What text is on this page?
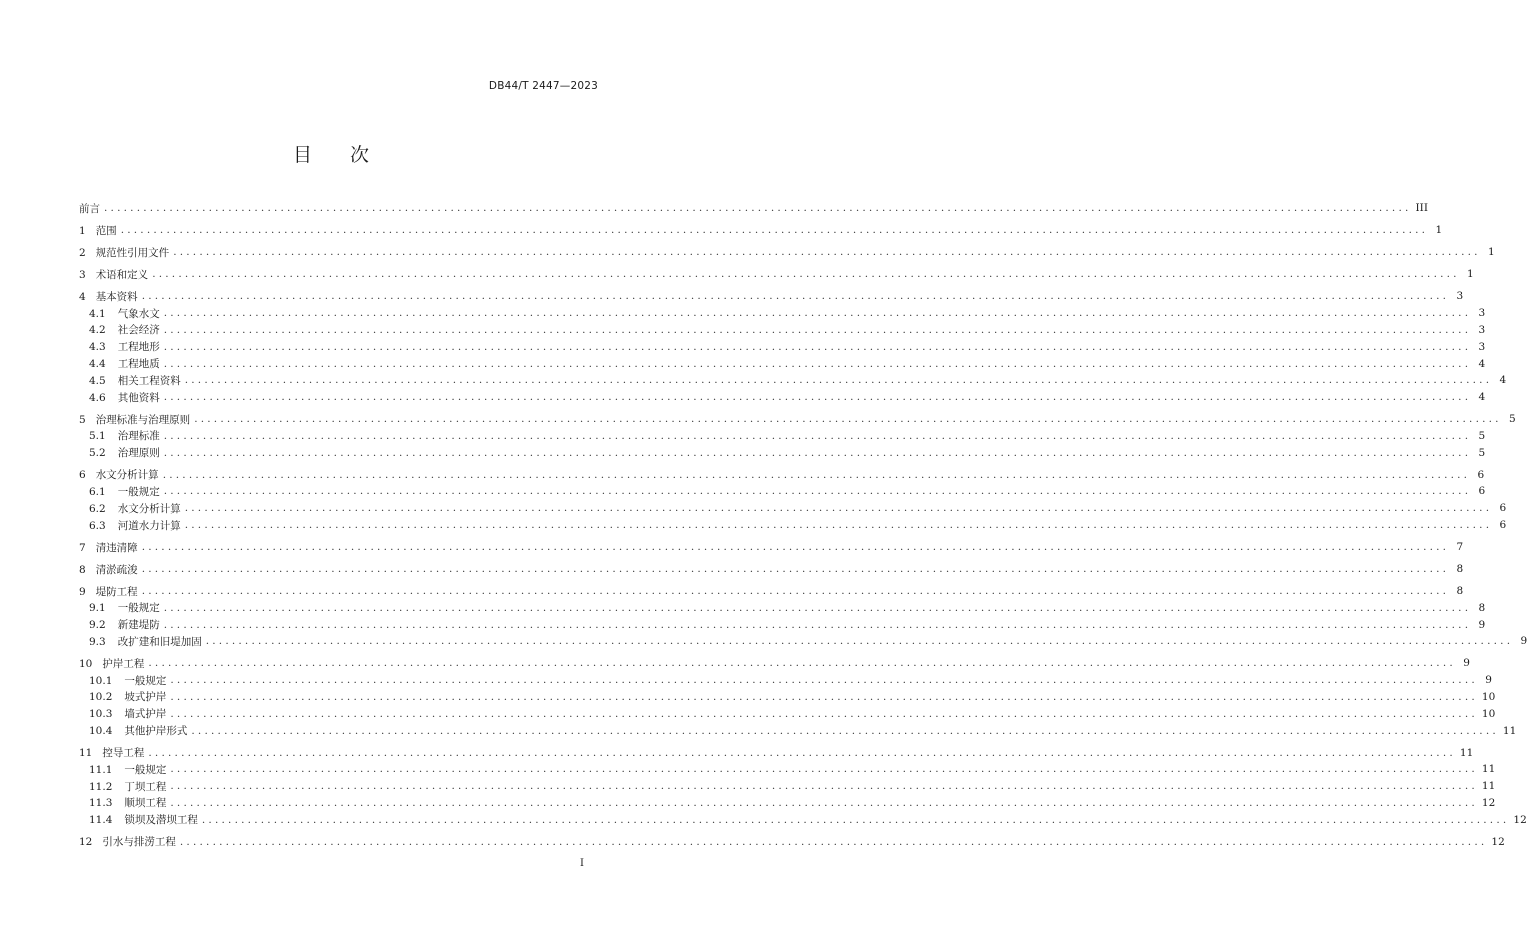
DB44/T 2447—2023
目 次
前言 ........................................................................................................................................................................................................ III
1 范围 ........................................................................................................................................................................................................ 1
2 规范性引用文件 ........................................................................................................................................................................................................ 1
3 术语和定义 ........................................................................................................................................................................................................ 1
4 基本资料 ........................................................................................................................................................................................................ 3
4.1 气象水文 ........................................................................................................................................................................................................ 3
4.2 社会经济 ........................................................................................................................................................................................................ 3
4.3 工程地形 ........................................................................................................................................................................................................ 3
4.4 工程地质 ........................................................................................................................................................................................................ 4
4.5 相关工程资料 ........................................................................................................................................................................................................ 4
4.6 其他资料 ........................................................................................................................................................................................................ 4
5 治理标准与治理原则 ........................................................................................................................................................................................................ 5
5.1 治理标准 ........................................................................................................................................................................................................ 5
5.2 治理原则 ........................................................................................................................................................................................................ 5
6 水文分析计算 ........................................................................................................................................................................................................ 6
6.1 一般规定 ........................................................................................................................................................................................................ 6
6.2 水文分析计算 ........................................................................................................................................................................................................ 6
6.3 河道水力计算 ........................................................................................................................................................................................................ 6
7 清违清障 ........................................................................................................................................................................................................ 7
8 清淤疏浚 ........................................................................................................................................................................................................ 8
9 堤防工程 ........................................................................................................................................................................................................ 8
9.1 一般规定 ........................................................................................................................................................................................................ 8
9.2 新建堤防 ........................................................................................................................................................................................................ 9
9.3 改扩建和旧堤加固 ........................................................................................................................................................................................................ 9
10 护岸工程 ........................................................................................................................................................................................................ 9
10.1 一般规定 ........................................................................................................................................................................................................ 9
10.2 坡式护岸 ........................................................................................................................................................................................................ 10
10.3 墙式护岸 ........................................................................................................................................................................................................ 10
10.4 其他护岸形式 ........................................................................................................................................................................................................ 11
11 控导工程 ........................................................................................................................................................................................................ 11
11.1 一般规定 ........................................................................................................................................................................................................ 11
11.2 丁坝工程 ........................................................................................................................................................................................................ 11
11.3 顺坝工程 ........................................................................................................................................................................................................ 12
11.4 锁坝及潜坝工程 ........................................................................................................................................................................................................ 12
12 引水与排涝工程 ........................................................................................................................................................................................................ 12
I
